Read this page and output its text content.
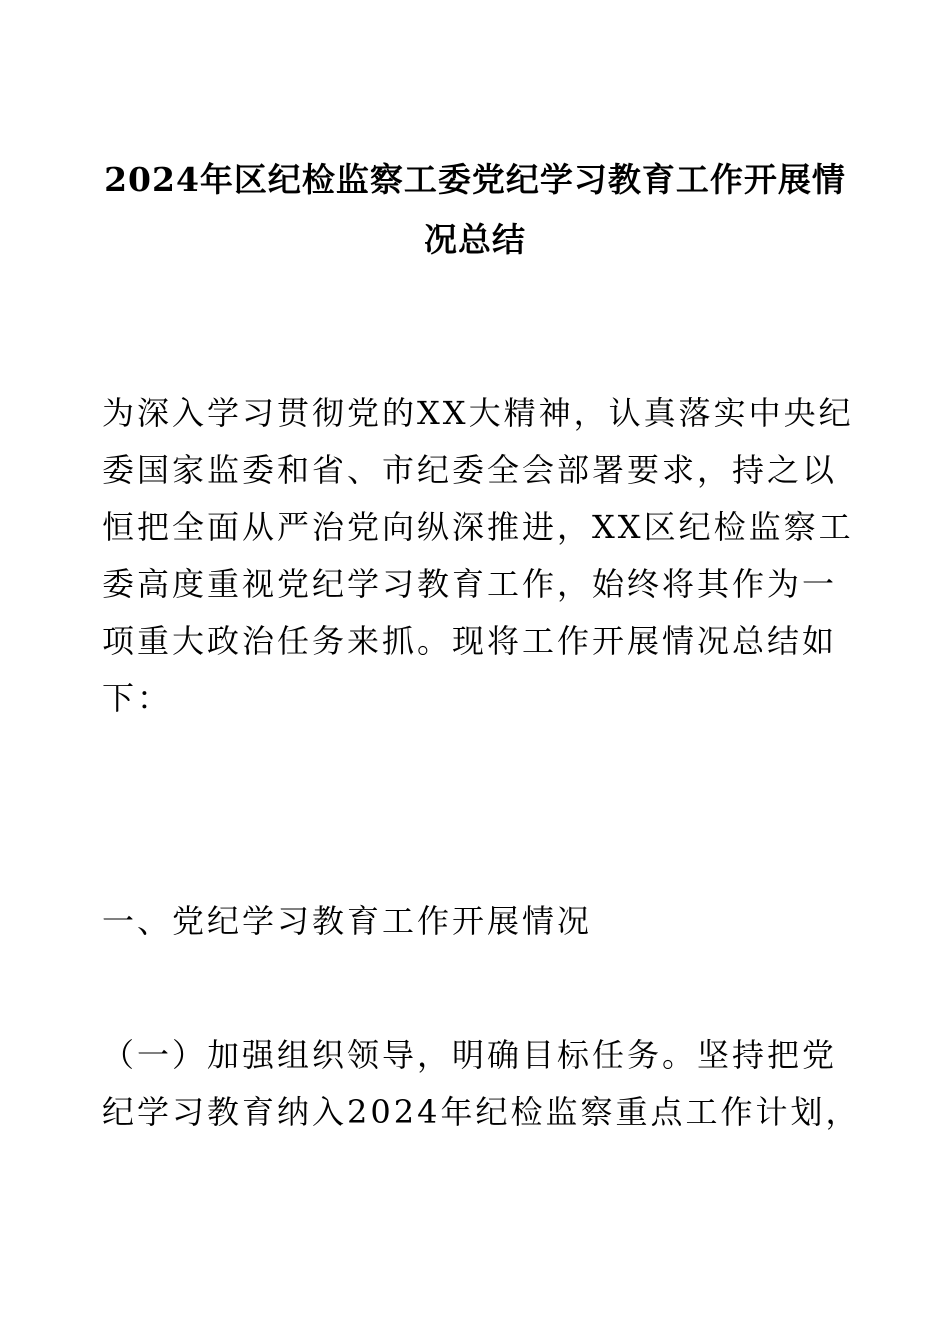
2024年区纪检监察工委党纪学习教育工作开展情
况总结
为深入学习贯彻党的XX大精神，认真落实中央纪
委国家监委和省、市纪委全会部署要求，持之以
恒把全面从严治党向纵深推进，XX区纪检监察工
委高度重视党纪学习教育工作，始终将其作为一
项重大政治任务来抓。现将工作开展情况总结如
下：
一、党纪学习教育工作开展情况
（一）加强组织领导，明确目标任务。坚持把党
纪学习教育纳入2024年纪检监察重点工作计划，
